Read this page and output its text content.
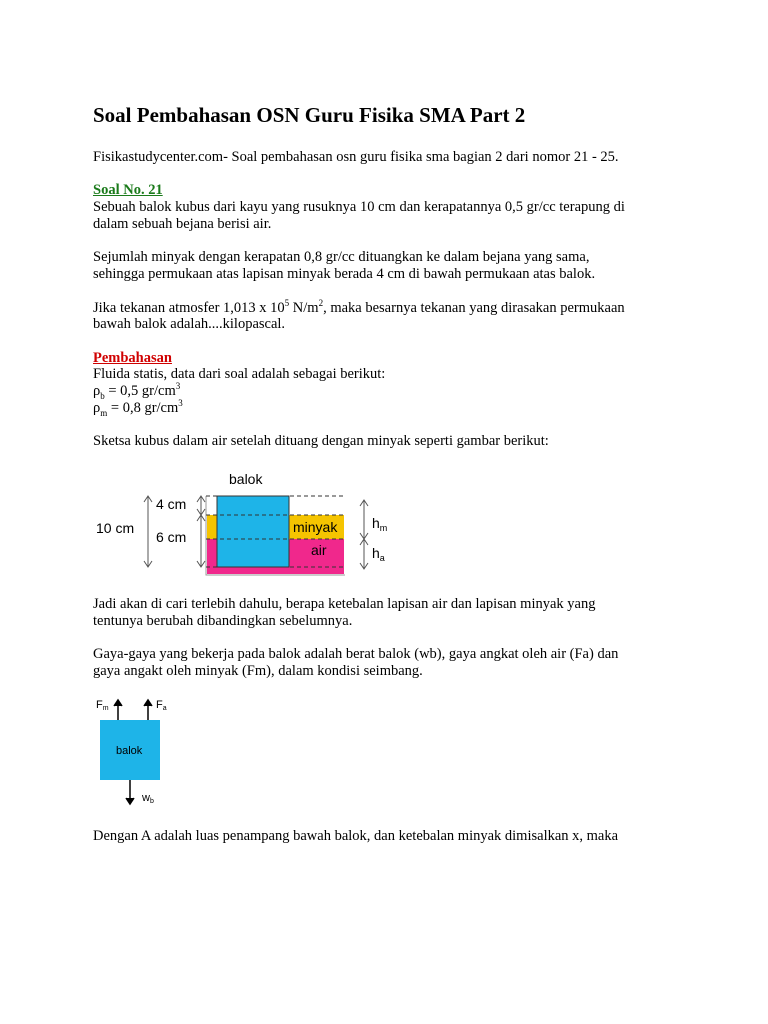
Soal Pembahasan OSN Guru Fisika SMA Part 2

Fisikastudycenter.com- Soal pembahasan osn guru fisika sma bagian 2 dari nomor 21 - 25.

Soal No. 21

Sebuah balok kubus dari kayu yang rusuknya 10 cm dan kerapatannya 0,5 gr/cc terapung di

dalam sebuah bejana berisi air.

Sejumlah minyak dengan kerapatan 0,8 gr/cc dituangkan ke dalam bejana yang sama,

sehingga permukaan atas lapisan minyak berada 4 cm di bawah permukaan atas balok.

Jika tekanan atmosfer 1,013 x $10^5$ $N/m^2$, maka besarnya tekanan yang dirasakan permukaan

bawah balok adalah....kilopascal.

Pembahasan

Fluida statis, data dari soal adalah sebagai berikut:

$\rho_b = 0,5$ $gr/cm^3$

$\rho_m = 0,8$ $gr/cm^3$

Sketsa kubus dalam air setelah dituang dengan minyak seperti gambar berikut:

balok
4 cm
6 cm
10 cm	minyak
air
$h_m$
$h_a$

Jadi akan di cari terlebih dahulu, berapa ketebalan lapisan air dan lapisan minyak yang

tentunya berubah dibandingkan sebelumnya.

Gaya-gaya yang bekerja pada balok adalah berat balok (wb), gaya angkat oleh air (Fa) dan

gaya angakt oleh minyak (Fm), dalam kondisi seimbang.

balok
Fm	Fa
wb

Dengan A adalah luas penampang bawah balok, dan ketebalan minyak dimisalkan x, maka
